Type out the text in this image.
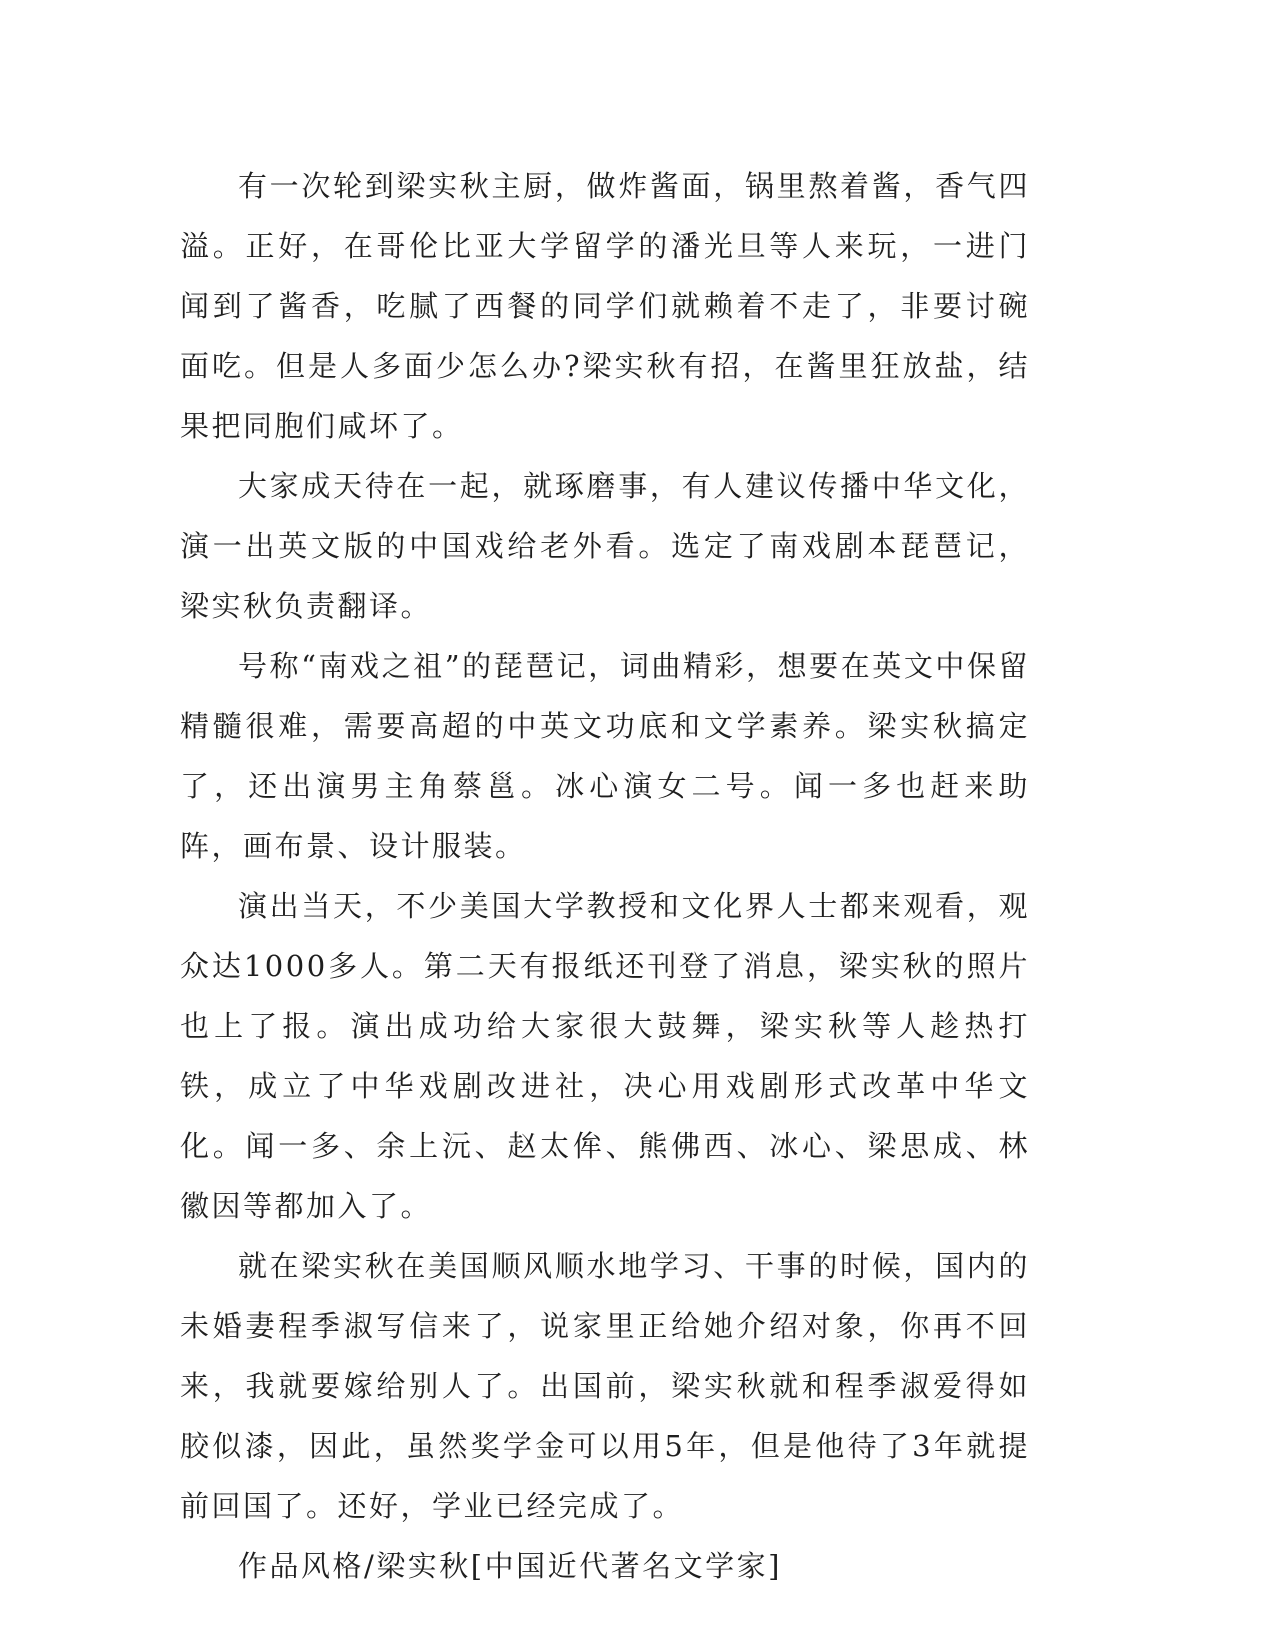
有一次轮到梁实秋主厨，做炸酱面，锅里熬着酱，香气四溢。正好，在哥伦比亚大学留学的潘光旦等人来玩，一进门闻到了酱香，吃腻了西餐的同学们就赖着不走了，非要讨碗面吃。但是人多面少怎么办?梁实秋有招，在酱里狂放盐，结果把同胞们咸坏了。

大家成天待在一起，就琢磨事，有人建议传播中华文化，演一出英文版的中国戏给老外看。选定了南戏剧本琵琶记，梁实秋负责翻译。

号称“南戏之祖”的琵琶记，词曲精彩，想要在英文中保留精髓很难，需要高超的中英文功底和文学素养。梁实秋搞定了，还出演男主角蔡邕。冰心演女二号。闻一多也赶来助阵，画布景、设计服装。

演出当天，不少美国大学教授和文化界人士都来观看，观众达1000多人。第二天有报纸还刊登了消息，梁实秋的照片也上了报。演出成功给大家很大鼓舞，梁实秋等人趁热打铁，成立了中华戏剧改进社，决心用戏剧形式改革中华文化。闻一多、余上沅、赵太侔、熊佛西、冰心、梁思成、林徽因等都加入了。

就在梁实秋在美国顺风顺水地学习、干事的时候，国内的未婚妻程季淑写信来了，说家里正给她介绍对象，你再不回来，我就要嫁给别人了。出国前，梁实秋就和程季淑爱得如胶似漆，因此，虽然奖学金可以用5年，但是他待了3年就提前回国了。还好，学业已经完成了。

作品风格/梁实秋[中国近代著名文学家]
